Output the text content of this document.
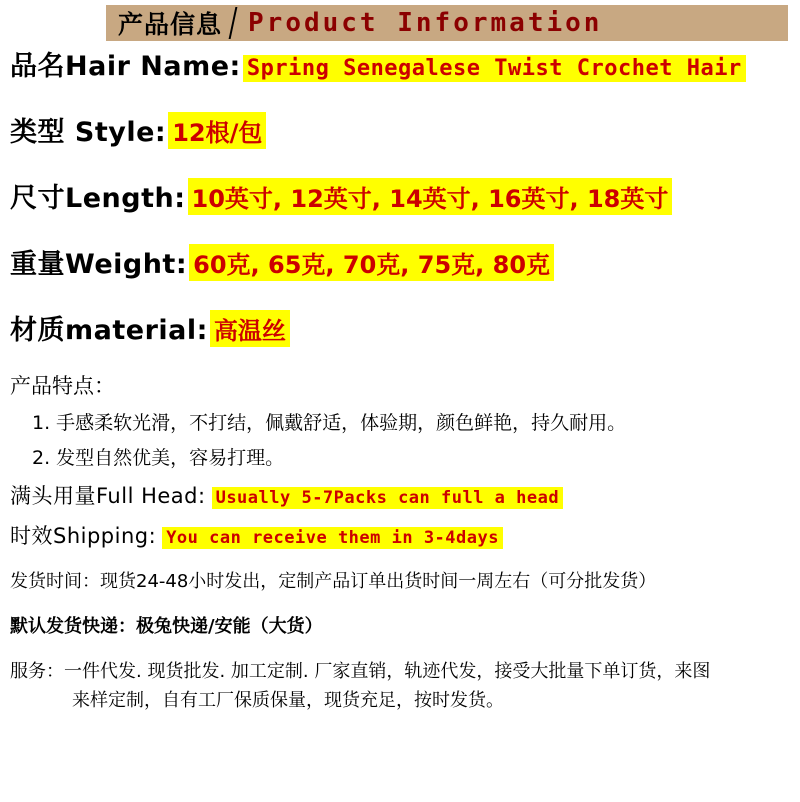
产品信息 Product Information
品名Hair Name: Spring Senegalese Twist Crochet Hair
类型 Style: 12根/包
尺寸Length: 10英寸, 12英寸, 14英寸, 16英寸, 18英寸
重量Weight: 60克, 65克, 70克, 75克, 80克
材质material: 高温丝
产品特点：
1. 手感柔软光滑，不打结，佩戴舒适，体验期，颜色鲜艳，持久耐用。
2. 发型自然优美，容易打理。
满头用量Full Head: Usually 5-7Packs can full a head
时效Shipping: You can receive them in 3-4days
发货时间：现货24-48小时发出，定制产品订单出货时间一周左右（可分批发货）
默认发货快递：极兔快递/安能（大货）
服务：一件代发. 现货批发. 加工定制. 厂家直销，轨迹代发，接受大批量下单订货，来图
来样定制，自有工厂保质保量，现货充足，按时发货。
